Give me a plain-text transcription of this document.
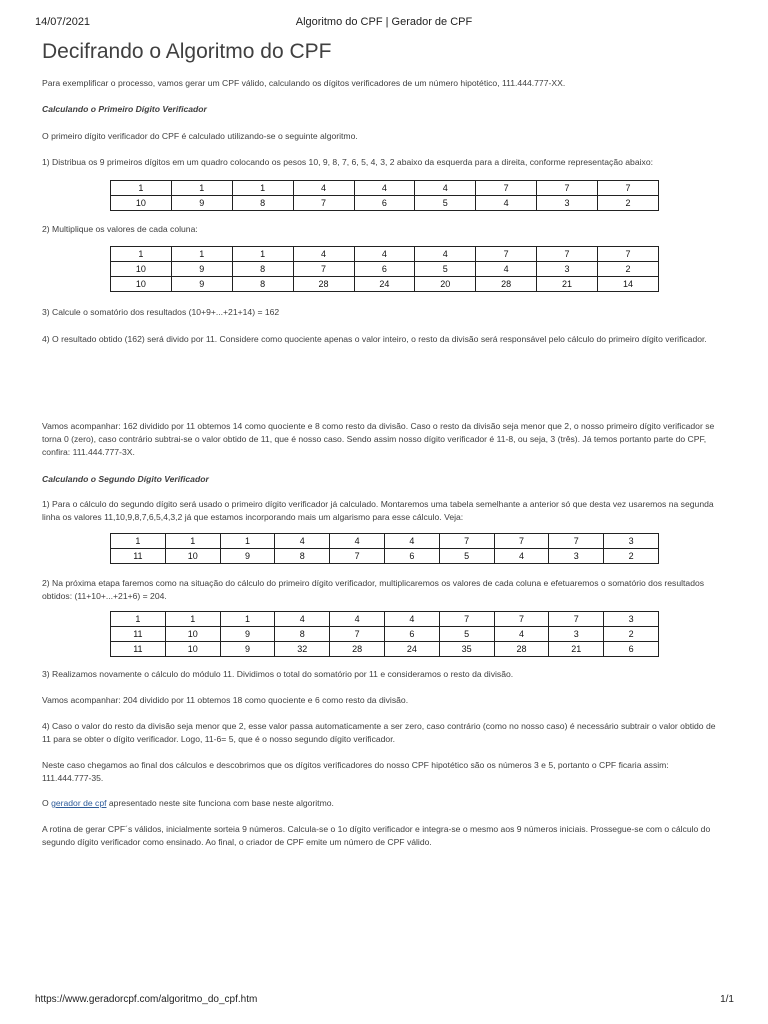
14/07/2021	Algoritmo do CPF | Gerador de CPF
Decifrando o Algoritmo do CPF

Para exemplificar o processo, vamos gerar um CPF válido, calculando os dígitos verificadores de um número hipotético, 111.444.777-XX.

Calculando o Primeiro Dígito Verificador

O primeiro dígito verificador do CPF é calculado utilizando-se o seguinte algoritmo.

1) Distribua os 9 primeiros dígitos em um quadro colocando os pesos 10, 9, 8, 7, 6, 5, 4, 3, 2 abaixo da esquerda para a direita, conforme representação abaixo:

1	1	1	4	4	4	7	7	7
10	9	8	7	6	5	4	3	2

2) Multiplique os valores de cada coluna:

1	1	1	4	4	4	7	7	7
10	9	8	7	6	5	4	3	2
10	9	8	28	24	20	28	21	14

3) Calcule o somatório dos resultados (10+9+...+21+14) = 162

4) O resultado obtido (162) será divido por 11. Considere como quociente apenas o valor inteiro, o resto da divisão será responsável pelo cálculo do primeiro dígito verificador.

Vamos acompanhar: 162 dividido por 11 obtemos 14 como quociente e 8 como resto da divisão. Caso o resto da divisão seja menor que 2, o nosso primeiro dígito verificador se torna 0 (zero), caso contrário subtrai-se o valor obtido de 11, que é nosso caso. Sendo assim nosso dígito verificador é 11-8, ou seja, 3 (três). Já temos portanto parte do CPF, confira: 111.444.777-3X.

Calculando o Segundo Dígito Verificador

1) Para o cálculo do segundo dígito será usado o primeiro dígito verificador já calculado. Montaremos uma tabela semelhante a anterior só que desta vez usaremos na segunda linha os valores 11,10,9,8,7,6,5,4,3,2 já que estamos incorporando mais um algarismo para esse cálculo. Veja:

1	1	1	4	4	4	7	7	7	3
11	10	9	8	7	6	5	4	3	2

2) Na próxima etapa faremos como na situação do cálculo do primeiro dígito verificador, multiplicaremos os valores de cada coluna e efetuaremos o somatório dos resultados obtidos: (11+10+...+21+6) = 204.

1	1	1	4	4	4	7	7	7	3
11	10	9	8	7	6	5	4	3	2
11	10	9	32	28	24	35	28	21	6

3) Realizamos novamente o cálculo do módulo 11. Dividimos o total do somatório por 11 e consideramos o resto da divisão.

Vamos acompanhar: 204 dividido por 11 obtemos 18 como quociente e 6 como resto da divisão.

4) Caso o valor do resto da divisão seja menor que 2, esse valor passa automaticamente a ser zero, caso contrário (como no nosso caso) é necessário subtrair o valor obtido de 11 para se obter o dígito verificador. Logo, 11-6= 5, que é o nosso segundo dígito verificador.

Neste caso chegamos ao final dos cálculos e descobrimos que os dígitos verificadores do nosso CPF hipotético são os números 3 e 5, portanto o CPF ficaria assim: 111.444.777-35.

O gerador de cpf apresentado neste site funciona com base neste algoritmo.

A rotina de gerar CPF´s válidos, inicialmente sorteia 9 números. Calcula-se o 1o dígito verificador e integra-se o mesmo aos 9 números iniciais. Prossegue-se com o cálculo do segundo dígito verificador como ensinado. Ao final, o criador de CPF emite um número de CPF válido.

https://www.geradorcpf.com/algoritmo_do_cpf.htm	1/1
